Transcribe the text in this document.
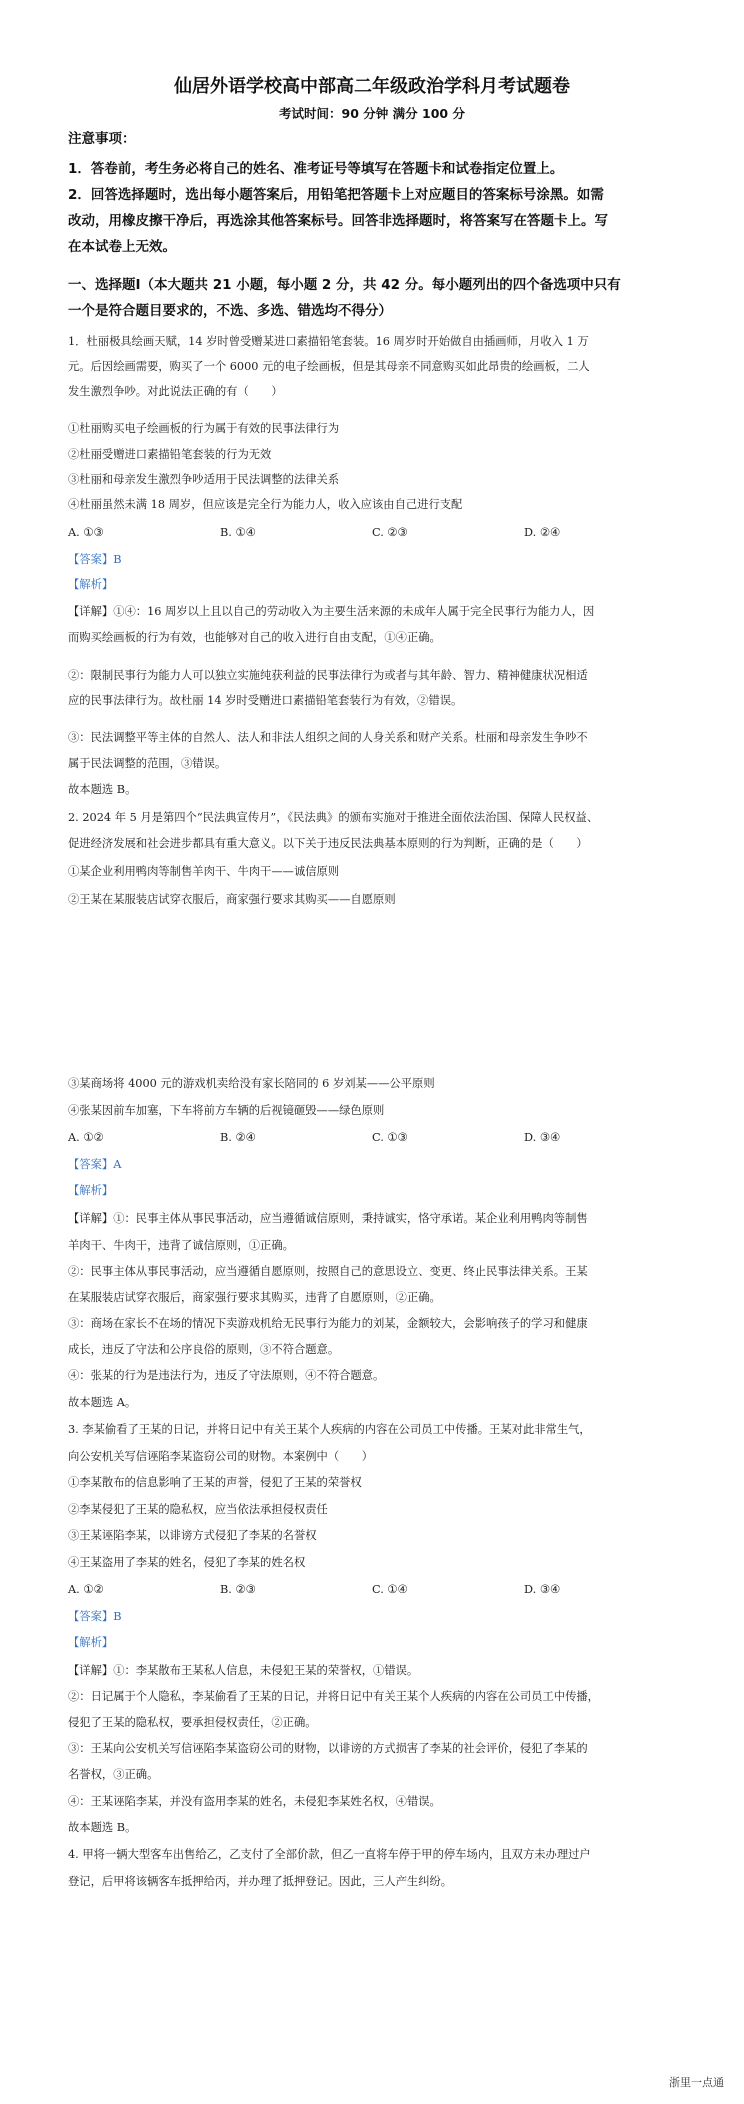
仙居外语学校高中部高二年级政治学科月考试题卷
考试时间：90 分钟 满分 100 分
注意事项：
1．答卷前，考生务必将自己的姓名、准考证号等填写在答题卡和试卷指定位置上。
2．回答选择题时，选出每小题答案后，用铅笔把答题卡上对应题目的答案标号涂黑。如需
改动，用橡皮擦干净后，再选涂其他答案标号。回答非选择题时，将答案写在答题卡上。写
在本试卷上无效。
一、选择题Ⅰ（本大题共 21 小题，每小题 2 分，共 42 分。每小题列出的四个备选项中只有
一个是符合题目要求的，不选、多选、错选均不得分）
1．杜丽极具绘画天赋，14 岁时曾受赠某进口素描铅笔套装。16 周岁时开始做自由插画师，月收入 1 万
元。后因绘画需要，购买了一个 6000 元的电子绘画板，但是其母亲不同意购买如此昂贵的绘画板，二人
发生激烈争吵。对此说法正确的有（　　）
①杜丽购买电子绘画板的行为属于有效的民事法律行为
②杜丽受赠进口素描铅笔套装的行为无效
③杜丽和母亲发生激烈争吵适用于民法调整的法律关系
④杜丽虽然未满 18 周岁，但应该是完全行为能力人，收入应该由自己进行支配
A. ①③	B. ①④	C. ②③	D. ②④
【答案】B
【解析】
【详解】①④：16 周岁以上且以自己的劳动收入为主要生活来源的未成年人属于完全民事行为能力人，因
而购买绘画板的行为有效，也能够对自己的收入进行自由支配，①④正确。
②：限制民事行为能力人可以独立实施纯获利益的民事法律行为或者与其年龄、智力、精神健康状况相适
应的民事法律行为。故杜丽 14 岁时受赠进口素描铅笔套装行为有效，②错误。
③：民法调整平等主体的自然人、法人和非法人组织之间的人身关系和财产关系。杜丽和母亲发生争吵不
属于民法调整的范围，③错误。
故本题选 B。
2. 2024 年 5 月是第四个“民法典宣传月”，《民法典》的颁布实施对于推进全面依法治国、保障人民权益、
促进经济发展和社会进步都具有重大意义。以下关于违反民法典基本原则的行为判断，正确的是（　　）
①某企业利用鸭肉等制售羊肉干、牛肉干——诚信原则
②王某在某服装店试穿衣服后，商家强行要求其购买——自愿原则
③某商场将 4000 元的游戏机卖给没有家长陪同的 6 岁刘某——公平原则
④张某因前车加塞，下车将前方车辆的后视镜砸毁——绿色原则
A. ①②	B. ②④	C. ①③	D. ③④
【答案】A
【解析】
【详解】①：民事主体从事民事活动，应当遵循诚信原则，秉持诚实，恪守承诺。某企业利用鸭肉等制售
羊肉干、牛肉干，违背了诚信原则，①正确。
②：民事主体从事民事活动，应当遵循自愿原则，按照自己的意思设立、变更、终止民事法律关系。王某
在某服装店试穿衣服后，商家强行要求其购买，违背了自愿原则，②正确。
③：商场在家长不在场的情况下卖游戏机给无民事行为能力的刘某，金额较大，会影响孩子的学习和健康
成长，违反了守法和公序良俗的原则，③不符合题意。
④：张某的行为是违法行为，违反了守法原则，④不符合题意。
故本题选 A。
3. 李某偷看了王某的日记，并将日记中有关王某个人疾病的内容在公司员工中传播。王某对此非常生气，
向公安机关写信诬陷李某盗窃公司的财物。本案例中（　　）
①李某散布的信息影响了王某的声誉，侵犯了王某的荣誉权
②李某侵犯了王某的隐私权，应当依法承担侵权责任
③王某诬陷李某，以诽谤方式侵犯了李某的名誉权
④王某盗用了李某的姓名，侵犯了李某的姓名权
A. ①②	B. ②③	C. ①④	D. ③④
【答案】B
【解析】
【详解】①：李某散布王某私人信息，未侵犯王某的荣誉权，①错误。
②：日记属于个人隐私，李某偷看了王某的日记，并将日记中有关王某个人疾病的内容在公司员工中传播，
侵犯了王某的隐私权，要承担侵权责任，②正确。
③：王某向公安机关写信诬陷李某盗窃公司的财物，以诽谤的方式损害了李某的社会评价，侵犯了李某的
名誉权，③正确。
④：王某诬陷李某，并没有盗用李某的姓名，未侵犯李某姓名权，④错误。
故本题选 B。
4. 甲将一辆大型客车出售给乙，乙支付了全部价款，但乙一直将车停于甲的停车场内，且双方未办理过户
登记，后甲将该辆客车抵押给丙，并办理了抵押登记。因此，三人产生纠纷。
浙里一点通
